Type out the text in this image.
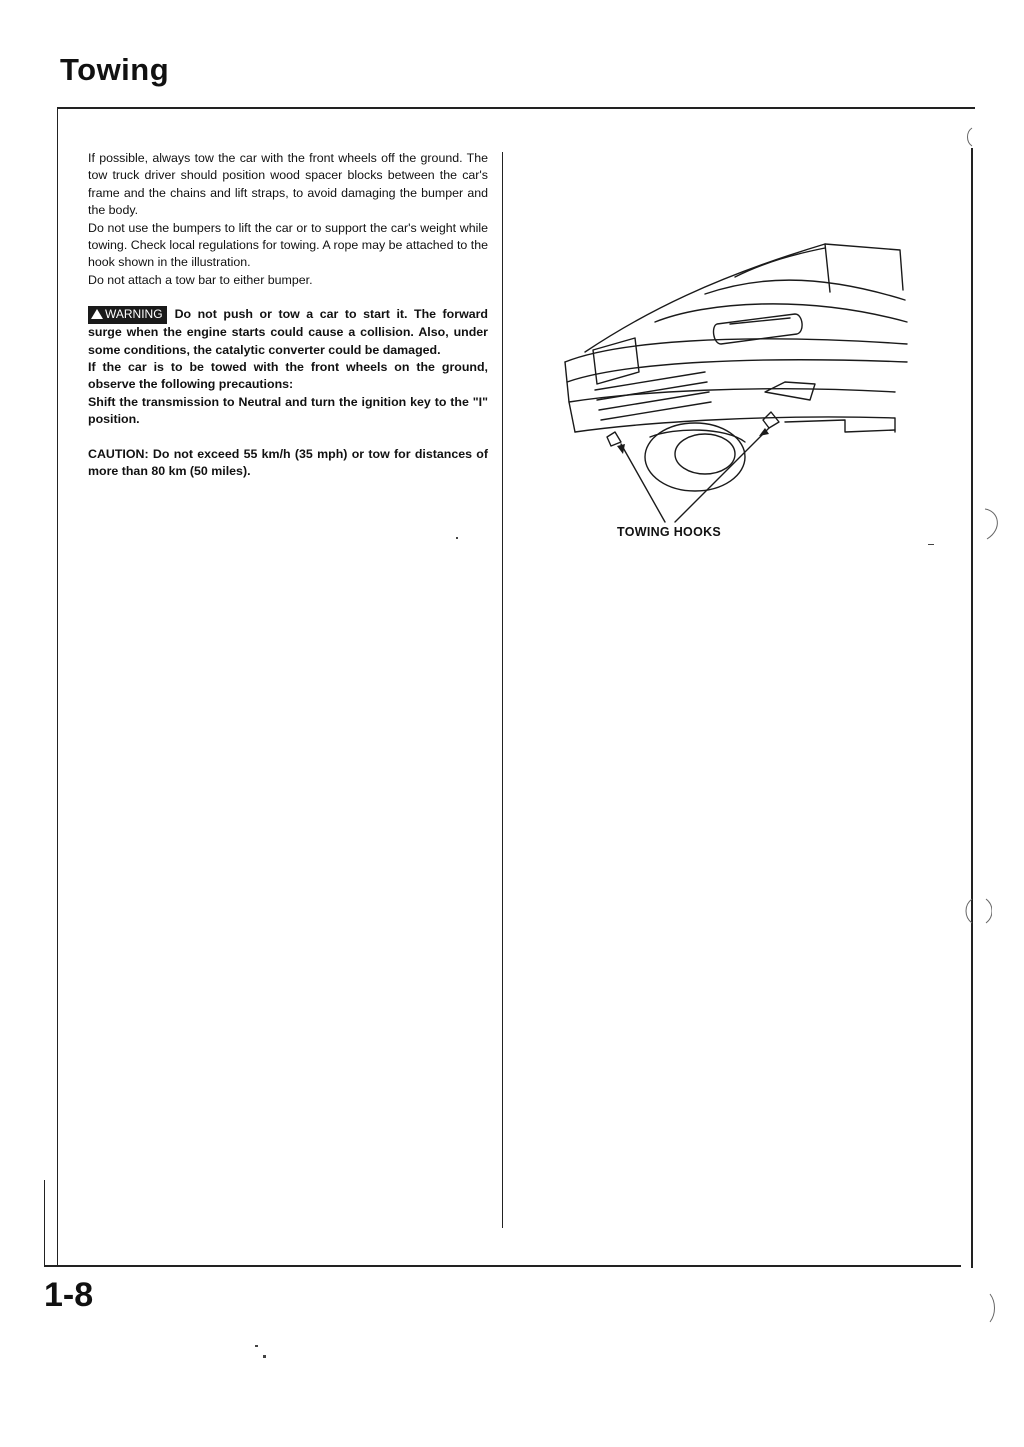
Towing

If possible, always tow the car with the front wheels off the ground. The tow truck driver should position wood spacer blocks between the car's frame and the chains and lift straps, to avoid damaging the bumper and the body.

Do not use the bumpers to lift the car or to support the car's weight while towing. Check local regulations for towing. A rope may be attached to the hook shown in the illustration.

Do not attach a tow bar to either bumper.

WARNING Do not push or tow a car to start it. The forward surge when the engine starts could cause a collision. Also, under some conditions, the catalytic converter could be damaged.

If the car is to be towed with the front wheels on the ground, observe the following precautions:

Shift the transmission to Neutral and turn the ignition key to the "I" position.

CAUTION: Do not exceed 55 km/h (35 mph) or tow for distances of more than 80 km (50 miles).

TOWING HOOKS
1-8
